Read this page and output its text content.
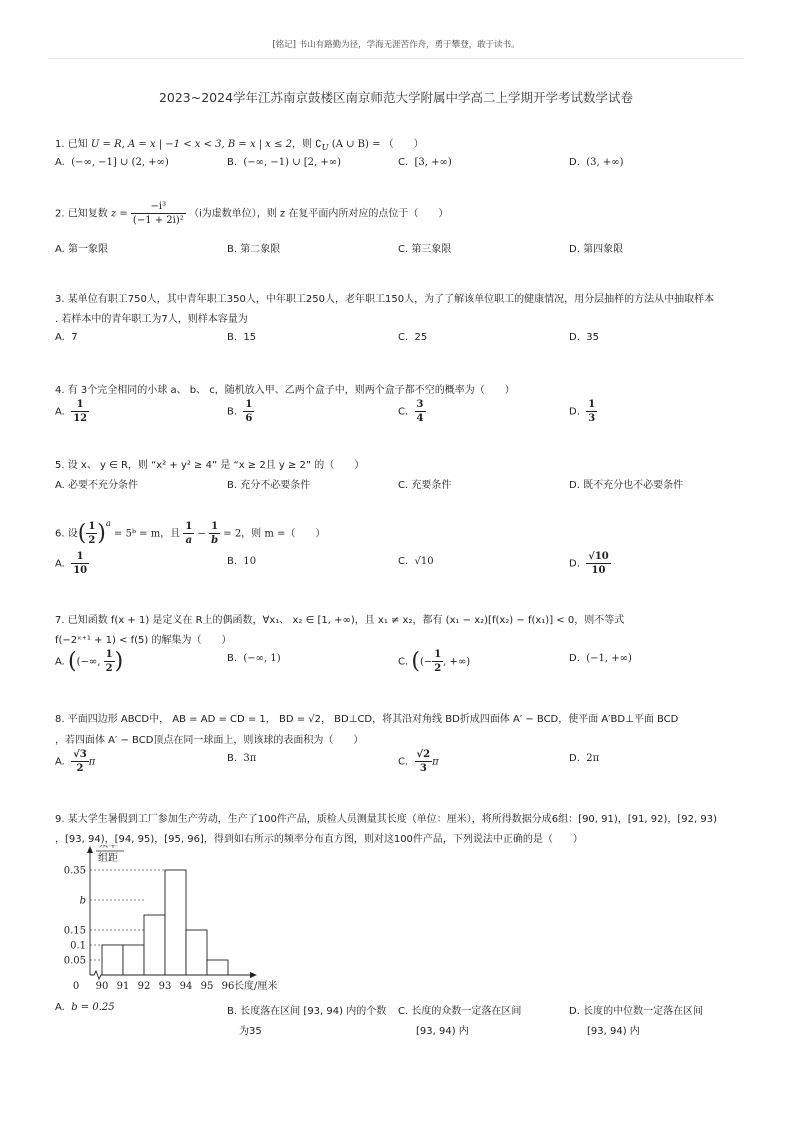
[铭记] 书山有路勤为径，学海无涯苦作舟，勇于攀登，敢于读书。
2023~2024学年江苏南京鼓楼区南京师范大学附属中学高二上学期开学考试数学试卷
1. 已知 U = R, A = x | −1 < x < 3, B = x | x ≤ 2，则 $∁_U$ (A ∪ B) = （　　）
A. (−∞, −1] ∪ (2, +∞)	B. (−∞, −1) ∪ [2, +∞)	C. [3, +∞)	D. (3, +∞)
2. 已知复数 $z = \frac{\text{−i³}}{\text{(−1 + 2i)²}} (i$为虚数单位），则 z 在复平面内所对应的点位于（　　）
A. 第一象限	B. 第二象限	C. 第三象限	D. 第四象限
3. 某单位有职工750人，其中青年职工350人，中年职工250人，老年职工150人，为了了解该单位职工的健康情况，用分层抽样的方法从中抽取样本
. 若样本中的青年职工为7人，则样本容量为
A. 7	B. 15	C. 25	D. 35
4. 有 3个完全相同的小球 a、 b、 c，随机放入甲、乙两个盒子中，则两个盒子都不空的概率为（　　）
A. $\frac{1}{12}$	B. $\frac{1}{6}$	C. $\frac{3}{4}$	D. $\frac{1}{3}$
5. 设 x、 y ∈ R，则 “x² + y² ≥ 4” 是 “x ≥ 2且 y ≥ 2” 的（　　）
A. 必要不充分条件	B. 充分不必要条件	C. 充要条件	D. 既不充分也不必要条件
6. 设( $\frac{1}{2} )^a$ = 5ᵇ = m，且 $\frac{1}{a} - \frac{1}{b} = 2$，则 m =（　　）
A. $\frac{1}{10}$	B. 10	C. √10	D. $\frac{√10}{10}$
7. 已知函数 f(x + 1) 是定义在 R上的偶函数，∀x₁、 x₂ ∈ [1, +∞)，且 x₁ ≠ x₂，都有 (x₁ − x₂)[f(x₂) − f(x₁)] < 0，则不等式
f(−2ˣ⁺¹ + 1) < f(5) 的解集为（　　）
A. ((−∞, $\frac{1}{2}$ )	B. (−∞, 1)	C. ((− $\frac{1}{2}$ , +∞)	D. (−1, +∞)
8. 平面四边形 ABCD中， AB = AD = CD = 1， BD = √2， BD⊥CD，将其沿对角线 BD折成四面体 A′ − BCD，使平面 A′BD⊥平面 BCD
，若四面体 A′ − BCD顶点在同一球面上，则该球的表面积为（　　）
A. $\frac{√3}{2}$ π	B. 3π	C. $\frac{√2}{3}$ π	D. 2π
9. 某大学生暑假到工厂参加生产劳动，生产了100件产品，质检人员测量其长度（单位：厘米），将所得数据分成6组：[90, 91)，[91, 92)，[92, 93)
，[93, 94)，[94, 95)，[95, 96]，得到如右所示的频率分布直方图，则对这100件产品，下列说法中正确的是（　　）
0.35
b
0.15
0.1
0.05
0 90 91 92 93 94 95 96
组距
长度/厘米
A. b = 0.25	B. 长度落在区间 [93, 94) 内的个数
为35
C. 长度的众数一定落在区间
[93, 94) 内
D. 长度的中位数一定落在区间
[93, 94) 内
